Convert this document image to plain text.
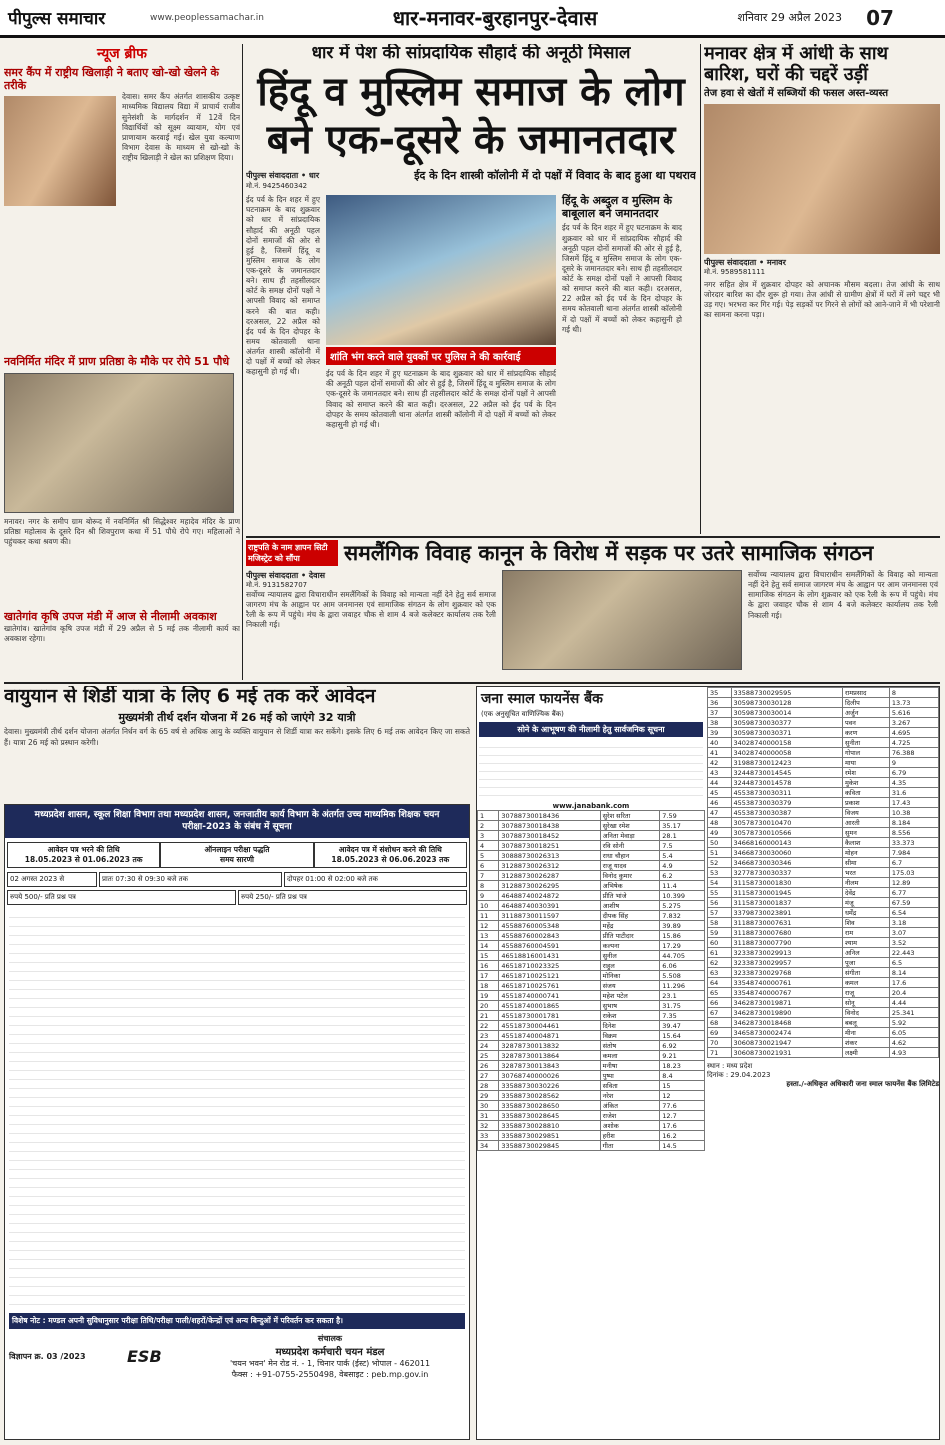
पीपुल्स समाचार	www.peoplessamachar.in	धार-मनावर-बुरहानपुर-देवास	शनिवार 29 अप्रैल 2023	07
न्यूज ब्रीफ
समर कैंप में राष्ट्रीय खिलाड़ी ने बताए खो-खो खेलने के तरीके
देवास। समर कैंप अंतर्गत शासकीय उत्कृष्ट माध्यमिक विद्यालय विद्या में प्राचार्य राजीव सुनेसंशी के मार्गदर्शन में 12वें दिन विद्यार्थियों को सूक्ष्म व्यायाम, योग एवं प्राणायाम करवाई गई। खेल युवा कल्याण विभाग देवास के माध्यम से खो-खो के राष्ट्रीय खिलाड़ी ने खेल का प्रशिक्षण दिया।
नवनिर्मित मंदिर में प्राण प्रतिष्ठा के मौके पर रोपे 51 पौधे
मनावर। नगर के समीप ग्राम बोरूद में नवनिर्मित श्री सिद्धेश्वर महादेव मंदिर के प्राण प्रतिष्ठा महोत्सव के दूसरे दिन श्री शिवपुराण कथा में 51 पौधे रोपे गए। महिलाओं ने पहुंचकर कथा श्रवण की।
खातेगांव कृषि उपज मंडी में आज से नीलामी अवकाश
खातेगांव। खातेगांव कृषि उपज मंडी में 29 अप्रैल से 5 मई तक नीलामी कार्य का अवकाश रहेगा।
धार में पेश की सांप्रदायिक सौहार्द की अनूठी मिसाल
हिंदू व मुस्लिम समाज के लोग बने एक-दूसरे के जमानतदार
पीपुल्स संवाददाता • धार	ईद के दिन शास्त्री कॉलोनी में दो पक्षों में विवाद के बाद हुआ था पथराव
मो.नं. 9425460342
ईद पर्व के दिन शहर में हुए घटनाक्रम के बाद शुक्रवार को धार में सांप्रदायिक सौहार्द की अनूठी पहल दोनों समाजों की ओर से हुई है, जिसमें हिंदू व मुस्लिम समाज के लोग एक-दूसरे के जमानतदार बने। साथ ही तहसीलदार कोर्ट के समक्ष दोनों पक्षों ने आपसी विवाद को समाप्त करने की बात कही। दरअसल, 22 अप्रैल को ईद पर्व के दिन दोपहर के समय कोतवाली थाना अंतर्गत शास्त्री कॉलोनी में दो पक्षों में बच्चों को लेकर कहासुनी हो गई थी।
शांति भंग करने वाले युवकों पर पुलिस ने की कार्रवाई
ईद पर्व के दिन शहर में हुए घटनाक्रम के बाद शुक्रवार को धार में सांप्रदायिक सौहार्द की अनूठी पहल दोनों समाजों की ओर से हुई है, जिसमें हिंदू व मुस्लिम समाज के लोग एक-दूसरे के जमानतदार बने। साथ ही तहसीलदार कोर्ट के समक्ष दोनों पक्षों ने आपसी विवाद को समाप्त करने की बात कही। दरअसल, 22 अप्रैल को ईद पर्व के दिन दोपहर के समय कोतवाली थाना अंतर्गत शास्त्री कॉलोनी में दो पक्षों में बच्चों को लेकर कहासुनी हो गई थी।
हिंदू के अब्दुल व मुस्लिम के बाबूलाल बने जमानतदार
ईद पर्व के दिन शहर में हुए घटनाक्रम के बाद शुक्रवार को धार में सांप्रदायिक सौहार्द की अनूठी पहल दोनों समाजों की ओर से हुई है, जिसमें हिंदू व मुस्लिम समाज के लोग एक-दूसरे के जमानतदार बने। साथ ही तहसीलदार कोर्ट के समक्ष दोनों पक्षों ने आपसी विवाद को समाप्त करने की बात कही। दरअसल, 22 अप्रैल को ईद पर्व के दिन दोपहर के समय कोतवाली थाना अंतर्गत शास्त्री कॉलोनी में दो पक्षों में बच्चों को लेकर कहासुनी हो गई थी।
मनावर क्षेत्र में आंधी के साथ बारिश, घरों की चद्दरें उड़ीं
तेज हवा से खेतों में सब्जियों की फसल अस्त-व्यस्त
पीपुल्स संवाददाता • मनावर
मो.नं. 9589581111
नगर सहित क्षेत्र में शुक्रवार दोपहर को अचानक मौसम बदला। तेज आंधी के साथ जोरदार बारिश का दौर शुरू हो गया। तेज आंधी से ग्रामीण क्षेत्रों में घरों में लगे चद्दर भी उड़ गए। भरभरा कर गिर गई। पेड़ सड़कों पर गिरने से लोगों को आने-जाने में भी परेशानी का सामना करना पड़ा।
राष्ट्रपति के नाम ज्ञापन सिटी मजिस्ट्रेट को सौंपा	समलैंगिक विवाह कानून के विरोध में सड़क पर उतरे सामाजिक संगठन
पीपुल्स संवाददाता • देवास
मो.नं. 9131582707
सर्वोच्च न्यायालय द्वारा विचाराधीन समलैंगिकों के विवाह को मान्यता नहीं देने हेतु सर्व समाज जागरण मंच के आह्वान पर आम जनमानस एवं सामाजिक संगठन के लोग शुक्रवार को एक रैली के रूप में पहुंचे। मंच के द्वारा जवाहर चौक से शाम 4 बजे कलेक्टर कार्यालय तक रैली निकाली गई।
सर्वोच्च न्यायालय द्वारा विचाराधीन समलैंगिकों के विवाह को मान्यता नहीं देने हेतु सर्व समाज जागरण मंच के आह्वान पर आम जनमानस एवं सामाजिक संगठन के लोग शुक्रवार को एक रैली के रूप में पहुंचे। मंच के द्वारा जवाहर चौक से शाम 4 बजे कलेक्टर कार्यालय तक रैली निकाली गई।
वायुयान से शिर्डी यात्रा के लिए 6 मई तक करें आवेदन
मुख्यमंत्री तीर्थ दर्शन योजना में 26 मई को जाएंगे 32 यात्री
देवास। मुख्यमंत्री तीर्थ दर्शन योजना अंतर्गत निर्धन वर्ग के 65 वर्ष से अधिक आयु के व्यक्ति वायुयान से शिर्डी यात्रा कर सकेंगे। इसके लिए 6 मई तक आवेदन किए जा सकते हैं। यात्रा 26 मई को प्रस्थान करेगी।
मध्यप्रदेश शासन, स्कूल शिक्षा विभाग तथा मध्यप्रदेश शासन, जनजातीय कार्य विभाग के अंतर्गत उच्च माध्यमिक शिक्षक चयन परीक्षा-2023 के संबंध में सूचना
आवेदन पत्र भरने की तिथि
18.05.2023 से 01.06.2023 तक
ऑनलाइन परीक्षा पद्धति
समय सारणी
आवेदन पत्र में संशोधन करने की तिथि
18.05.2023 से 06.06.2023 तक
02 अगस्त 2023 से	प्रातः 07:30 से 09:30 बजे तक	दोपहर 01:00 से 02:00 बजे तक
रुपये 500/- प्रति प्रश्न पत्र	रुपये 250/- प्रति प्रश्न पत्र
विशेष नोट : मण्डल अपनी सुविधानुसार परीक्षा तिथि/परीक्षा पाली/शहरों/केन्द्रों एवं अन्य बिन्दुओं में परिवर्तन कर सकता है।
विज्ञापन क्र. 03 /2023	ESB
संचालक
मध्यप्रदेश कर्मचारी चयन मंडल
'चयन भवन' मेन रोड नं. - 1, चिनार पार्क (ईस्ट) भोपाल - 462011
फैक्स : +91-0755-2550498, वेबसाइट : peb.mp.gov.in
जना स्माल फायनेंस बैंक
(एक अनुसूचित वाणिज्यिक बैंक)
सोने के आभूषण की नीलामी हेतु सार्वजनिक सूचना
www.janabank.com
1	30788730018436	सुरेश सरिता	7.59
2	30788730018438	सुरेखा रमेश	35.17
3	30788730018452	अनिता मेवाड़ा	28.1
4	30788730018251	रवि सोनी	7.5
5	30888730026313	राधा चौहान	5.4
6	31288730026312	राजू यादव	4.9
7	31288730026287	विनोद कुमार	6.2
8	31288730026295	अभिषेक	11.4
9	46488740024872	प्रीति भांजे	10.399
10	46488740030391	आशीष	5.275
11	31188730011597	दीपक सिंह	7.832
12	45588760005348	महेंद्र	39.89
13	45588760002843	प्रीति पाटीदार	15.86
14	45588760004591	कल्पना	17.29
15	46518816001431	सुनील	44.705
16	46518710023325	राहुल	6.06
17	46518710025121	मोनिका	5.508
18	46518710025761	संजय	11.296
19	45518740000741	महेश पटेल	23.1
20	45518740001865	सुभाष	31.75
21	45518730001781	राकेश	7.35
22	45518730004461	दिनेश	39.47
23	45518740004871	विक्रम	15.64
24	32878730013832	संतोष	6.92
25	32878730013864	कमला	9.21
26	32878730013843	मनीषा	18.23
27	30768740000026	पुष्पा	8.4
28	33588730030226	सविता	15
29	33588730028562	नरेश	12
30	33588730028650	अंकित	77.6
31	33588730028645	राजेश	12.7
32	33588730028810	अशोक	17.6
33	33588730029851	हरीश	16.2
34	33588730029845	गीता	14.5
35	33588730029595	रामप्रसाद	8
36	30598730030128	दिलीप	13.73
37	30598730030014	अर्जुन	5.616
38	30598730030377	पवन	3.267
39	30598730030371	करण	4.695
40	34028740000158	सुनीता	4.725
41	34028740000058	गोपाल	76.388
42	31988730012423	माया	9
43	32448730014545	रमेश	6.79
44	32448730014578	मुकेश	4.35
45	45538730030311	कविता	31.6
46	45538730030379	प्रकाश	17.43
47	45538730030387	विजय	10.38
48	30578730010470	आरती	8.184
49	30578730010566	सुमन	8.556
50	34668160000143	कैलाश	33.373
51	34668730030060	मोहन	7.984
52	34668730030346	सीमा	6.7
53	32778730030337	भरत	175.03
54	31158730001830	नीलम	12.89
55	31158730001945	देवेंद्र	6.77
56	31158730001837	मंजू	67.59
57	33798730023891	धर्मेंद्र	6.54
58	31188730007631	शिव	3.18
59	31188730007680	राम	3.07
60	31188730007790	श्याम	3.52
61	32338730029913	अनिल	22.443
62	32338730029957	पूजा	6.5
63	32338730029768	संगीता	8.14
64	33548740000761	कमल	17.6
65	33548740000767	राजू	20.4
66	34628730019871	सोनू	4.44
67	34628730019890	विनोद	25.341
68	34628730018468	बबलू	5.92
69	34658730002474	मीना	6.05
70	30608730021947	शंकर	4.62
71	30608730021931	लक्ष्मी	4.93
स्थान : मध्य प्रदेश
दिनांक : 29.04.2023
हस्ता./-अधिकृत अधिकारी जना स्माल फायनेंस बैंक लिमिटेड
